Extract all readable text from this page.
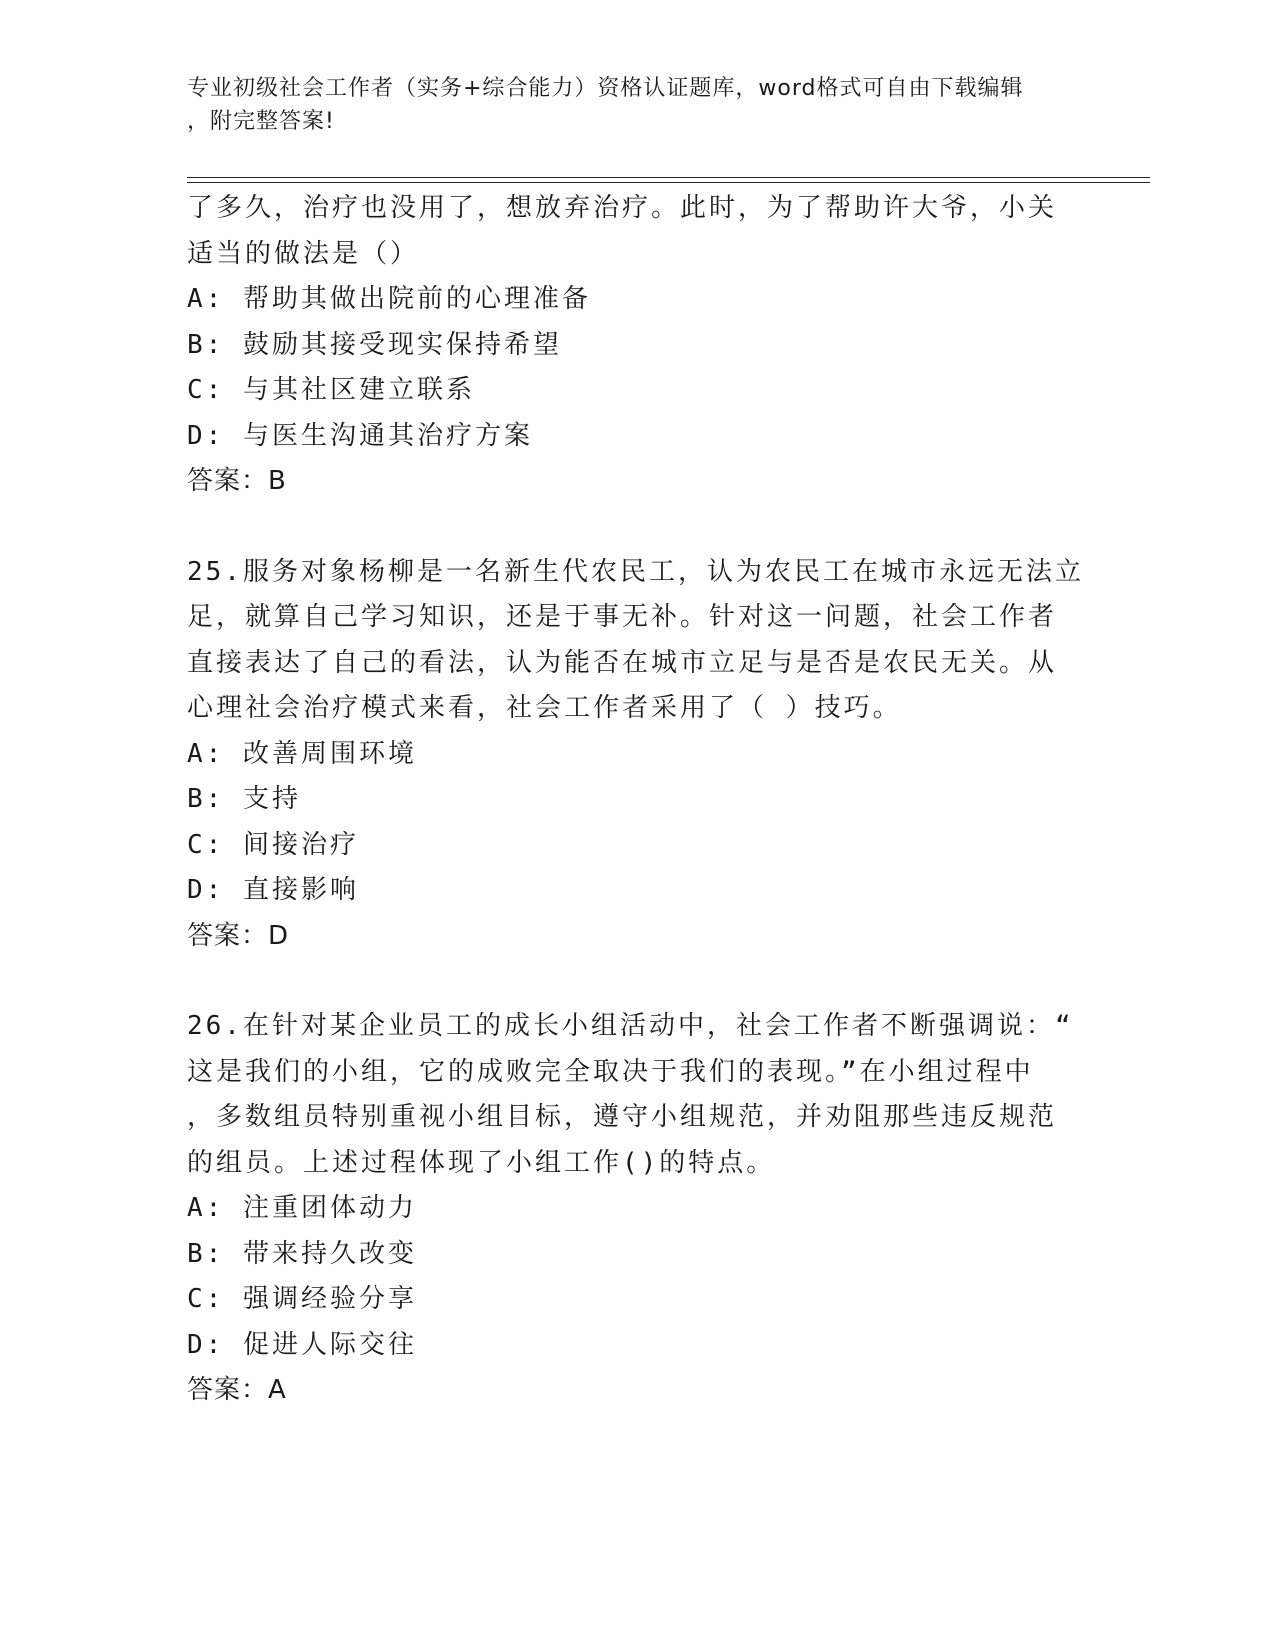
专业初级社会工作者（实务+综合能力）资格认证题库，word格式可自由下载编辑
，附完整答案!
了多久，治疗也没用了，想放弃治疗。此时，为了帮助许大爷，小关
适当的做法是（）
A: 帮助其做出院前的心理准备
B: 鼓励其接受现实保持希望
C: 与其社区建立联系
D: 与医生沟通其治疗方案
答案：B
25.服务对象杨柳是一名新生代农民工，认为农民工在城市永远无法立
足，就算自己学习知识，还是于事无补。针对这一问题，社会工作者
直接表达了自己的看法，认为能否在城市立足与是否是农民无关。从
心理社会治疗模式来看，社会工作者采用了（ ）技巧。
A: 改善周围环境
B: 支持
C: 间接治疗
D: 直接影响
答案：D
26.在针对某企业员工的成长小组活动中，社会工作者不断强调说：“
这是我们的小组，它的成败完全取决于我们的表现。”在小组过程中
，多数组员特别重视小组目标，遵守小组规范，并劝阻那些违反规范
的组员。上述过程体现了小组工作()的特点。
A: 注重团体动力
B: 带来持久改变
C: 强调经验分享
D: 促进人际交往
答案：A
